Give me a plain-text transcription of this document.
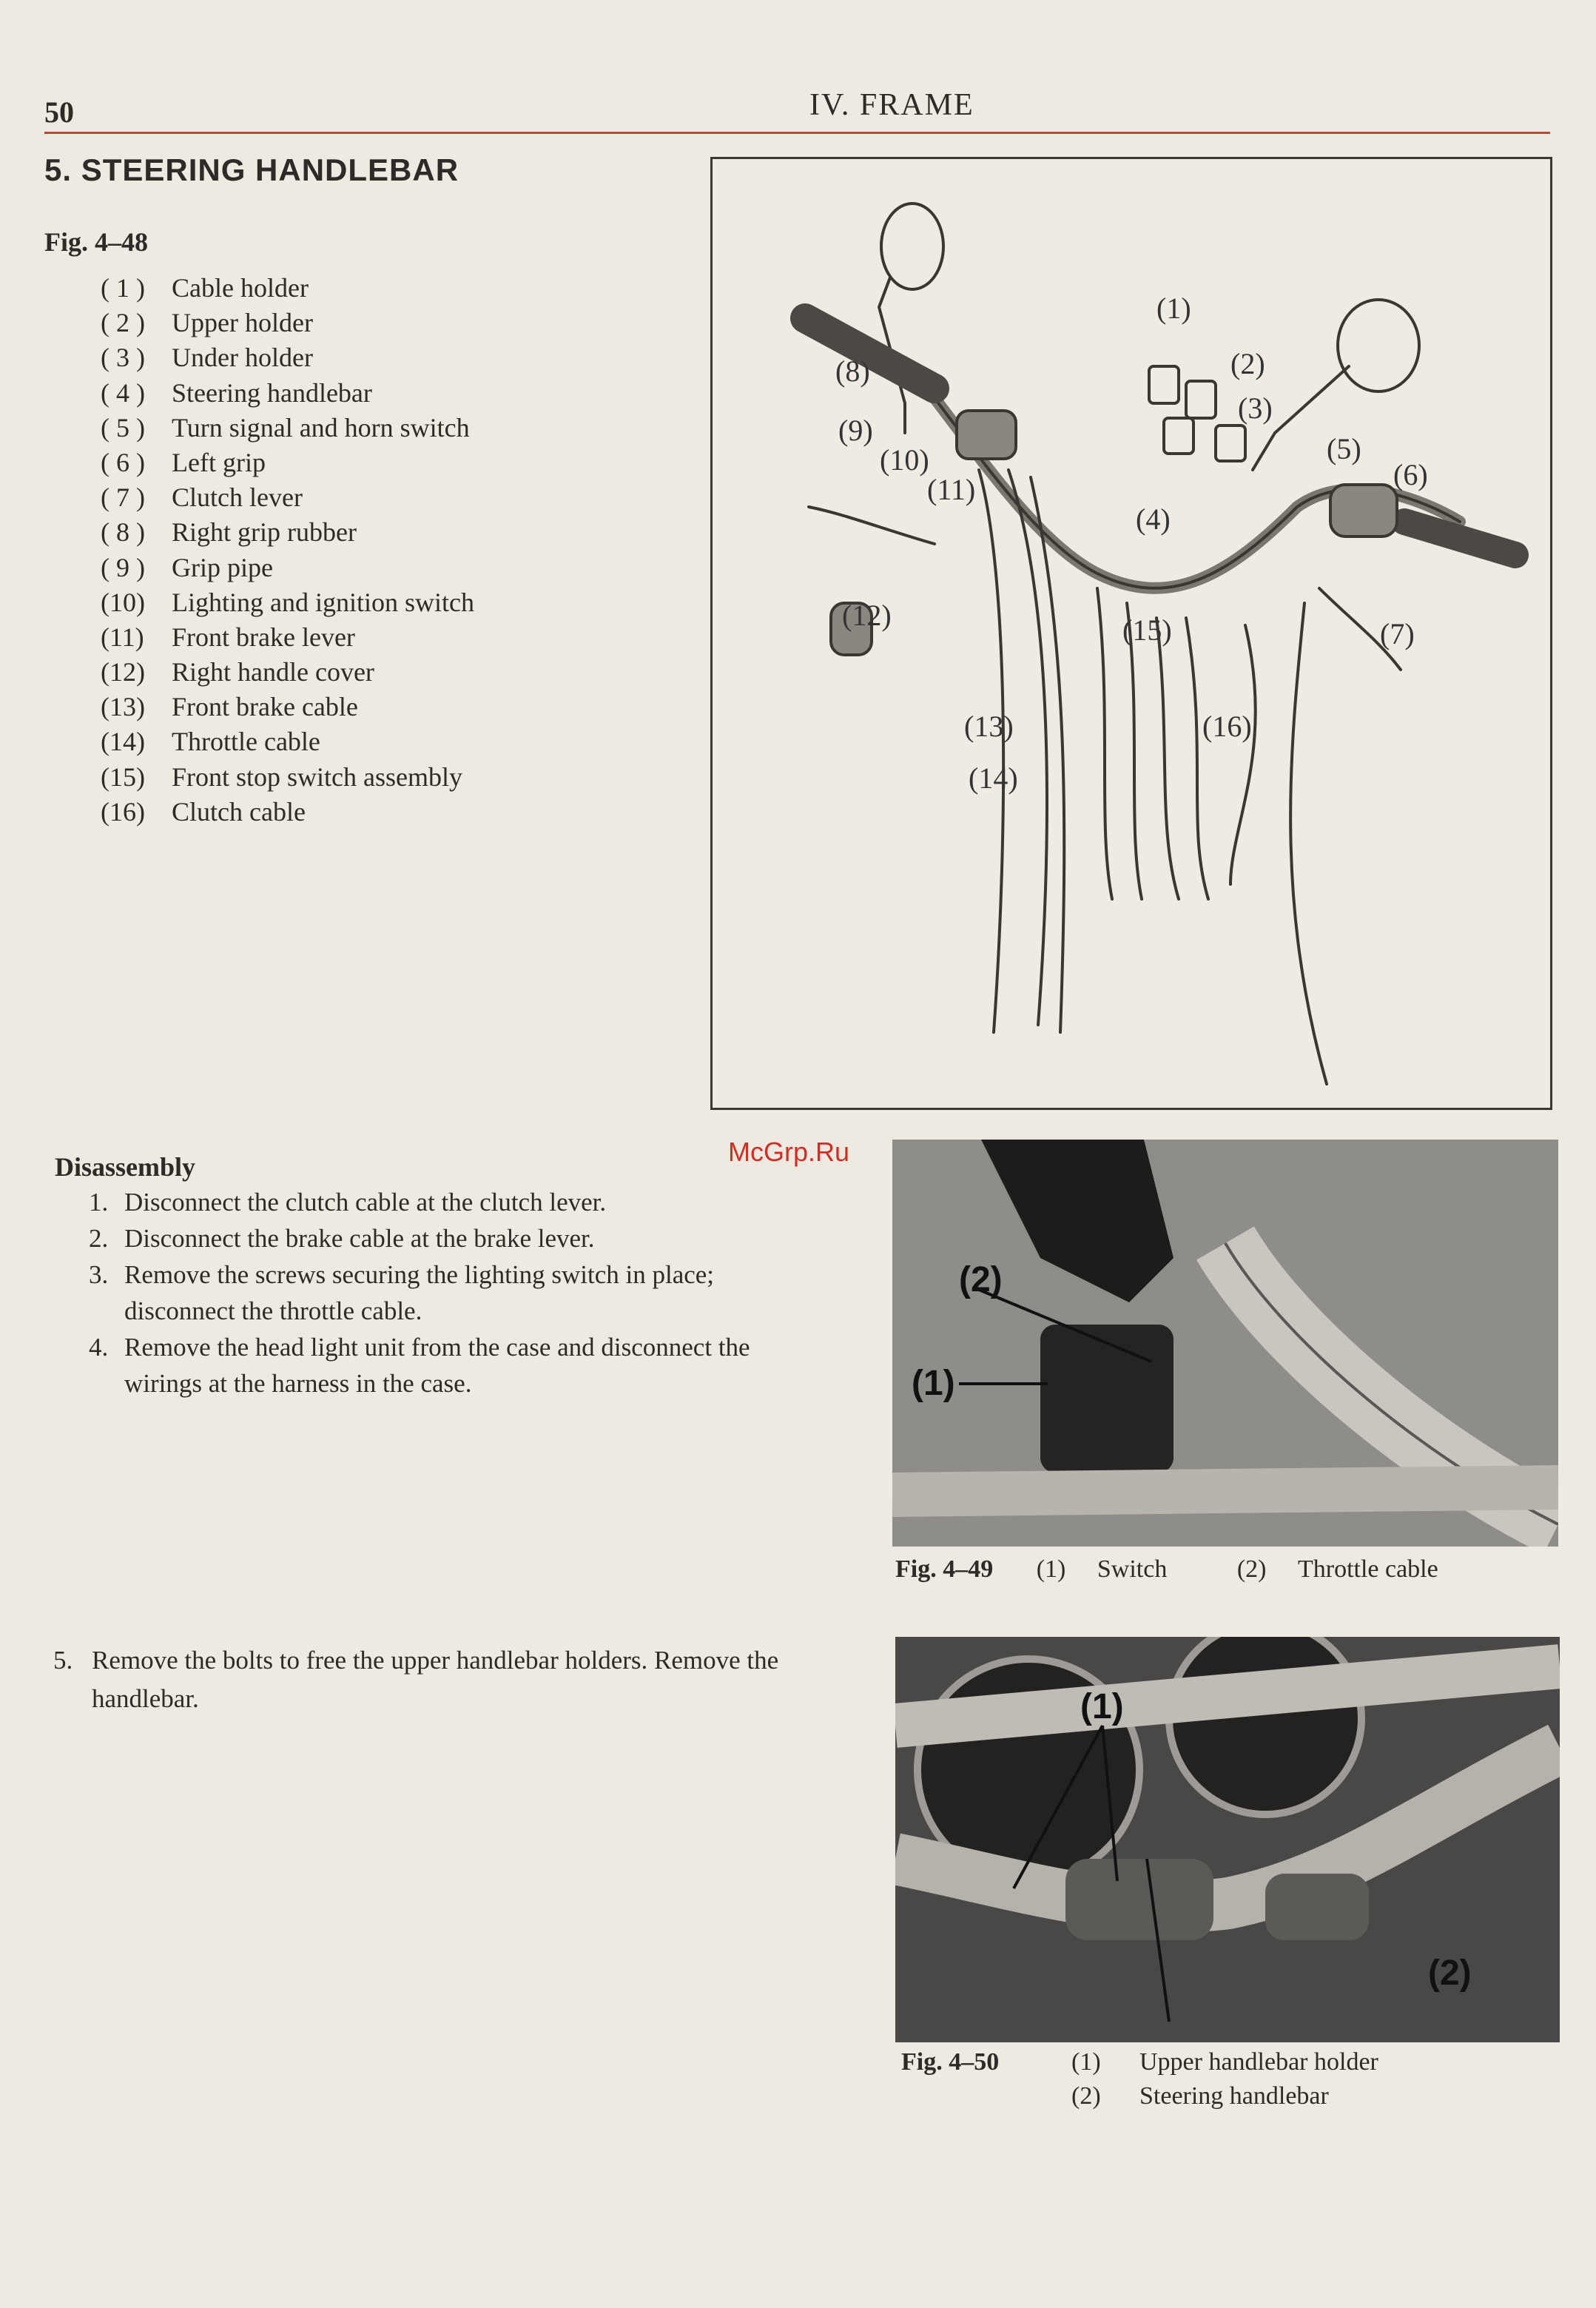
50	IV. FRAME
5. STEERING HANDLEBAR
Fig. 4–48
( 1 )	Cable holder
( 2 )	Upper holder
( 3 )	Under holder
( 4 )	Steering handlebar
( 5 )	Turn signal and horn switch
( 6 )	Left grip
( 7 )	Clutch lever
( 8 )	Right grip rubber
( 9 )	Grip pipe
(10)	Lighting and ignition switch
(11)	Front brake lever
(12)	Right handle cover
(13)	Front brake cable
(14)	Throttle cable
(15)	Front stop switch assembly
(16)	Clutch cable
(1)
(2)
(3)
(4)
(5)
(6)
(7)
(8)
(9)
(10)
(11)
(12)
(13)
(14)
(15)
(16)
McGrp.Ru
Disassembly
1. Disconnect the clutch cable at the clutch lever.
2. Disconnect the brake cable at the brake lever.
3. Remove the screws securing the lighting switch in place; disconnect the throttle cable.
4. Remove the head light unit from the case and disconnect the wirings at the harness in the case.
5. Remove the bolts to free the upper handlebar holders. Remove the handlebar.
(2)
(1)
Fig. 4–49 (1) Switch	(2) Throttle cable
(1)
(2)
Fig. 4–50	(1)	Upper handlebar holder
(2)	Steering handlebar
